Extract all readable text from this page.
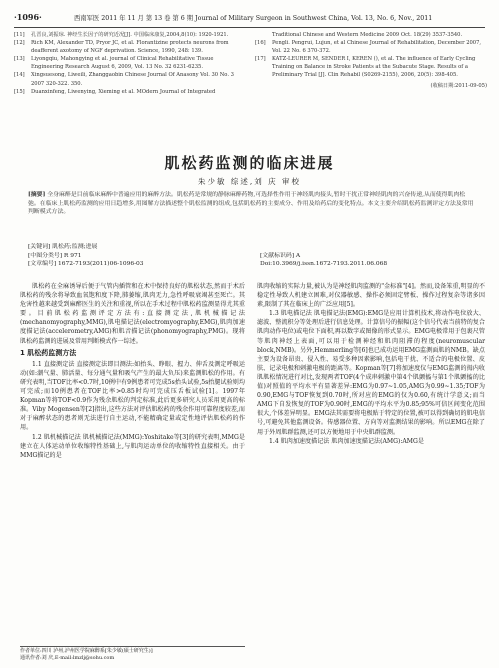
·1096·	西南军医 2011 年 11 月 第 13 卷 第 6 期 Journal of Military Surgeon in Southwest China, Vol. 13, No. 6, Nov., 2011
[11]	孔晋良,刘振琼. 神经生长因子的研究近况[J]. 中国临床康复,2004,8(10): 1920-1921.
[12]	Rich KM, Alexander TD, Pryor JC, et al. Florantizine protects neurons from deafferent axotomy of NGF deprivation. Science, 1990, 248: 139.
[13]	Liyongqiu, Mahongying et al. journal of Clinical Rehabilitative Tissue Engineering Research August 6, 2009, Vol. 13 No. 32 6231-6235.
[14]	Xingsuesong, Liweili, Zhanggaobin Chinese Journal Of Anasony Vol. 30 No. 3 2007 320-322. 350.
[15]	Duanxinfeng, Liwenying, Xieming et al. MOdern Journal of Integrated
Traditional Chinese and Western Medicine 2009 Oct. 18(29) 3537-3540.
[16]	Pengli. Pengrui, Lujun, et al Chinese Journal of Rehabilitation, December 2007, Vol. 22 No. 6 370-372.
[17]	KATZ-LEURER M, SENDER I, KEREN (), et al. The influence of Early Cycling Training on Balance in Stroke Patients at the Subacute Stage. Results of a Preliminary Trial [J]. Clin Rehabil (S0269-2155), 2006, 20(5): 398-405.
(收稿日期:2011-09-05)
肌松药监测的临床进展
朱少敏 综述,刘 庆 审校
[摘要] 全身麻醉是目前临床麻醉中普遍应用的麻醉方法。肌松药是常规的静脉麻醉药物,可选择性作用于神经肌肉接头,暂时干扰正常神经肌肉的兴奋传递,从而使得肌肉松弛。在临床上肌松药监测的应用日趋增多,用图解方法描述整个肌松监测的组成,包括肌松药的主要成分、作用及给药后的变化特点。本文主要介绍肌松药监测评定方法及常用判断模式方法。
[关键词] 肌松药;监测;进展
[中图分类号] R 971
[文章编号] 1672-7193(2011)06-1096-03

[文献标识码] A
Doi:10.3969/j.issn.1672-7193.2011.06.068

肌松药在全麻诱导后便于气管内插管和在术中保持良好的肌松状态,然而于术后肌松药的残余将导致血氧饱和度下降,肺萎缩,肌肉无力,急性呼吸衰竭甚至死亡。其危害性越来越受到麻醉医生的关注和重视,所以在手术过程中肌松药监测显得尤其重要。目前肌松药监测评定方法有:直接测定法,肌机械描记法(mechanomyography,MMG),肌电描记法(electromyography,EMG),肌肉加速度描记法(accelerometry,AMG)和肌音描记法(phonomyography,PMG)。现将肌松药监测的进展及常用判断模式作一综述。

1 肌松药监测方法

1.1 直接测定法 直接测定法即目测法:如抬头、睁眼、握力、伸舌及测定呼吸运动(如:潮气量、肺活量、每分通气量和吸气产生的最大负压)来监测肌松的作用。有研究表明,当TOF比率<0.7时,10例中有9例患者可完成5s抬头试验,5s抬腿试验则均可完成;而10例患者在TOF比率>0.85时均可完成压舌板试验[1]。1997年Kopman等将TOF<0.9作为残余肌松的判定标准,此后更多研究人员采用更高的标准。Viby Mogensen等[2]指出,这些方法对评估肌松药的残余作用可靠程度较差,而对于麻醉状态的患者则无法进行自主运动,不能精确定量或定性地评估肌松药的作用。

1.2 肌机械描记法 肌机械描记法(MMG):Yoshitake等[3]的研究表明,MMG是建立在人体运动单位收缩特性基础上,与肌肉运动单位的收缩特性直接相关。由于MMG描记的是

肌肉收缩的实际力量,被认为是神经肌肉监测的"金标准"[4]。然而,设备笨重,明显的不稳定性导致人机建立困难,对仪器敏感、操作必须固定臂板、操作过程复杂等诸多因素,限制了其在临床上的广泛应用[5]。

1.3 肌电描记法 肌电描记法(EMG):EMG是应用计算机技术,将动作电位放大、滤波、整流积分等处理后进行信息处理。计算信号的振幅(这个信号代表当前特的复合肌肉动作电位)或电位下面积,再以数字或图像的形式显示。EMG电极常用于包裹尺管等肌肉神经上表面,可以用于检测神经和肌肉阻滞的程度(neuromuscular block,NMB)。另外,Hemmerling等[6]也已成功运用EMG监测面肌的NMB。缺点主要为设备昂贵、侵入性、易受多种因素影响,包括电干扰、不适合的电极位置、皮肤、记录电极和刺激电极的距离等。Kopman等[7]将加速度仪与EMG监测的拇内收肌肌松情况进行对比,发现两者TOF(4个成串刺激中第4个肌颤搐与第1个肌颤搐的比值)对照值的平均水平有显著差异:EMG为0.97~1.05,AMG为0.99~1.35;TOF为0.90,EMG与TOF恢复到0.70时,所对应的EMG的仅为0.60,有统计学意义;而当AMG下自发恢复的TOF为0.90时,EMG的平均水平为0.85;95%可信区间变化范围很大,个体差异明显。EMG法其需要将电极贴于特定的位置,被可以得到确切的肌电信号,可避免其他监测设备。传感器位置、方向等对监测结果的影响。所以EMG在除了用于外周肌群监测,还可以方便地用于中央肌群监测。

1.4 肌肉加速度描记法 肌肉加速度描记法(AMG):AMG是

作者单位:四川 泸州,泸州医学院麻醉系[朱少敏(硕士研究生)]
通讯作者:刘 庆,E-mail:lmzlj@sohu.com
